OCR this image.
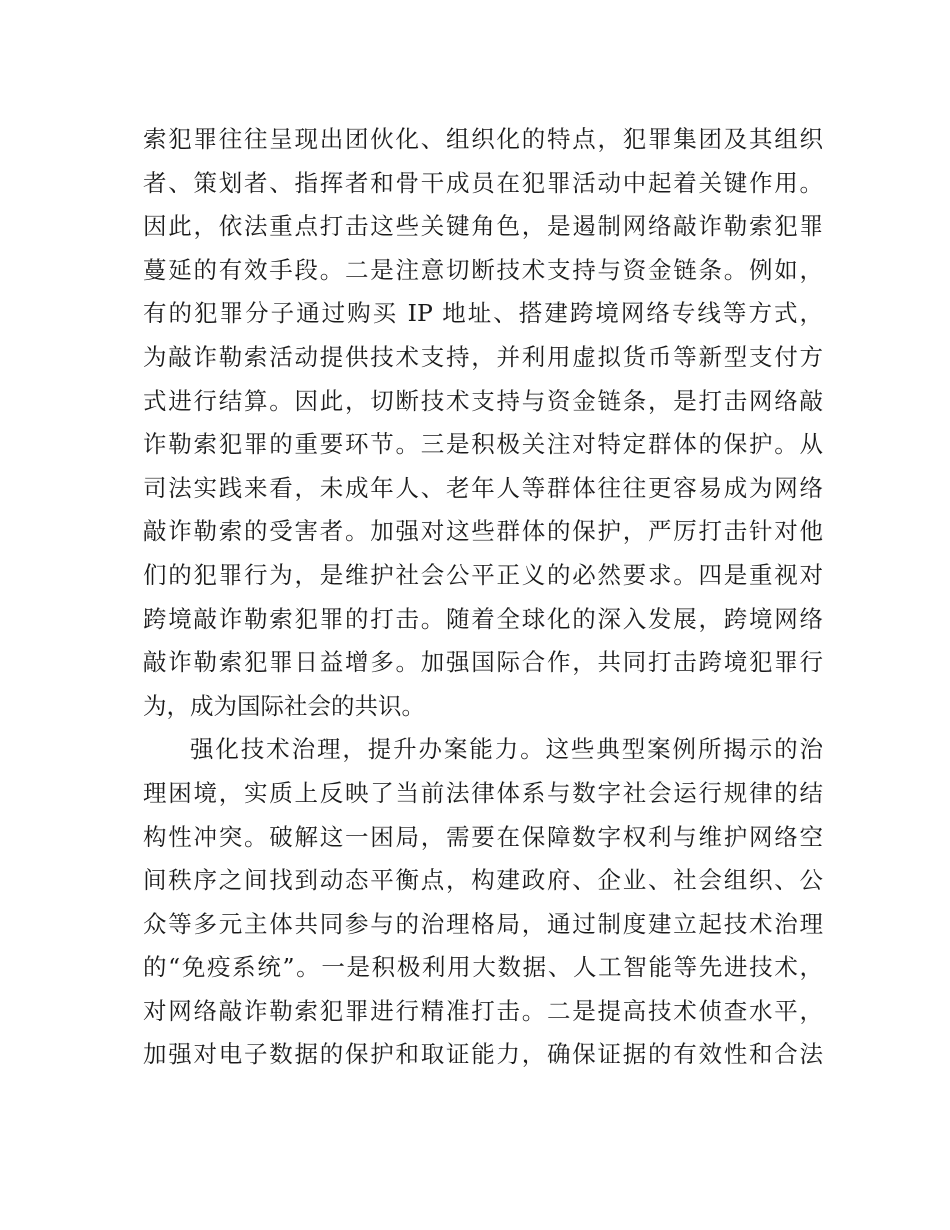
索犯罪往往呈现出团伙化、组织化的特点，犯罪集团及其组织
者、策划者、指挥者和骨干成员在犯罪活动中起着关键作用。
因此，依法重点打击这些关键角色，是遏制网络敲诈勒索犯罪
蔓延的有效手段。二是注意切断技术支持与资金链条。例如，
有的犯罪分子通过购买 IP 地址、搭建跨境网络专线等方式，
为敲诈勒索活动提供技术支持，并利用虚拟货币等新型支付方
式进行结算。因此，切断技术支持与资金链条，是打击网络敲
诈勒索犯罪的重要环节。三是积极关注对特定群体的保护。从
司法实践来看，未成年人、老年人等群体往往更容易成为网络
敲诈勒索的受害者。加强对这些群体的保护，严厉打击针对他
们的犯罪行为，是维护社会公平正义的必然要求。四是重视对
跨境敲诈勒索犯罪的打击。随着全球化的深入发展，跨境网络
敲诈勒索犯罪日益增多。加强国际合作，共同打击跨境犯罪行
为，成为国际社会的共识。
强化技术治理，提升办案能力。这些典型案例所揭示的治
理困境，实质上反映了当前法律体系与数字社会运行规律的结
构性冲突。破解这一困局，需要在保障数字权利与维护网络空
间秩序之间找到动态平衡点，构建政府、企业、社会组织、公
众等多元主体共同参与的治理格局，通过制度建立起技术治理
的“免疫系统”。一是积极利用大数据、人工智能等先进技术，
对网络敲诈勒索犯罪进行精准打击。二是提高技术侦查水平，
加强对电子数据的保护和取证能力，确保证据的有效性和合法
